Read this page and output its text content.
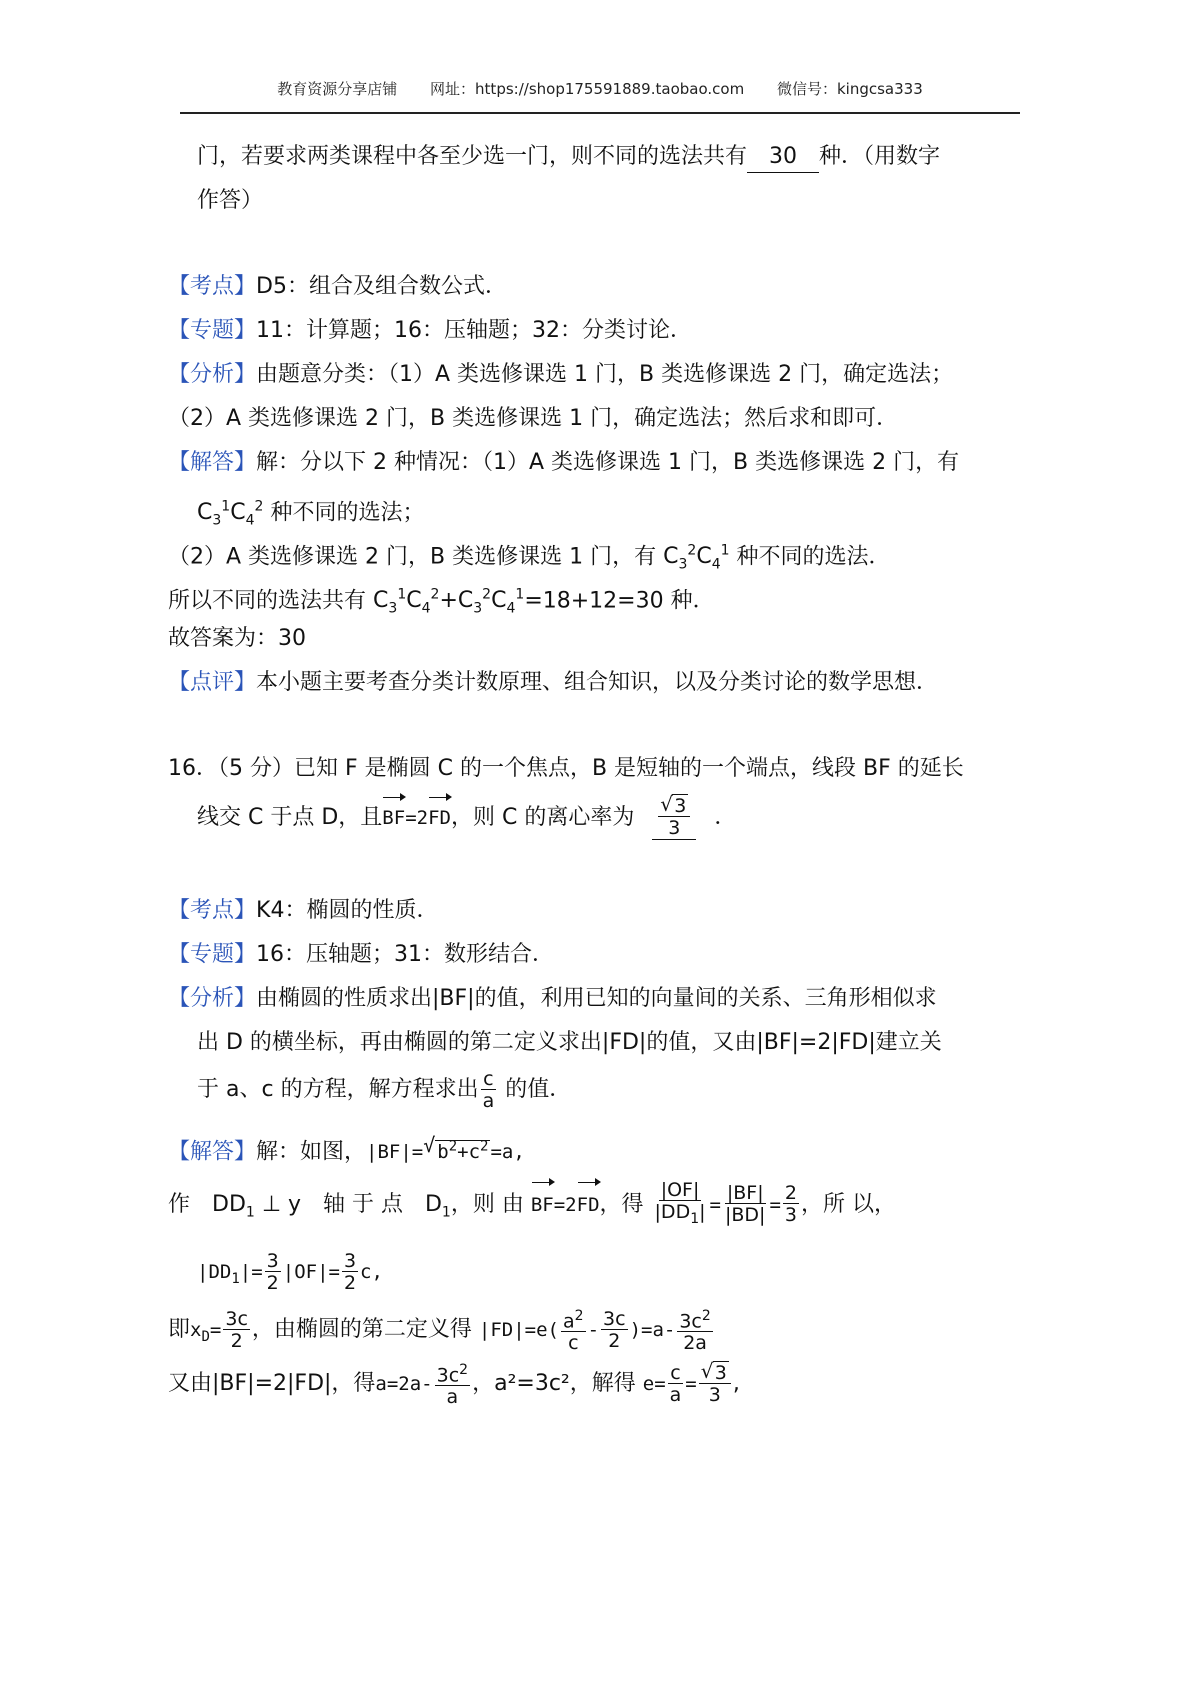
教育资源分享店铺 网址：https://shop175591889.taobao.com 微信号：kingcsa333
门，若要求两类课程中各至少选一门，则不同的选法共有 30 种．（用数字
作答）
【考点】D5：组合及组合数公式．
【专题】11：计算题；16：压轴题；32：分类讨论．
【分析】由题意分类：（1）A 类选修课选 1 门，B 类选修课选 2 门，确定选法；
（2）A 类选修课选 2 门，B 类选修课选 1 门，确定选法；然后求和即可．
【解答】解：分以下 2 种情况：（1）A 类选修课选 1 门，B 类选修课选 2 门，有
$C_3^1C_4^2$ 种不同的选法；
（2）A 类选修课选 2 门，B 类选修课选 1 门，有 $C_3^2C_4^1$ 种不同的选法．
所以不同的选法共有 $C_3^1C_4^2+C_3^2C_4^1=18+12=30$ 种．
故答案为：30
【点评】本小题主要考查分类计数原理、组合知识，以及分类讨论的数学思想．
16．（5 分）已知 F 是椭圆 C 的一个焦点，B 是短轴的一个端点，线段 BF 的延长
线交 C 于点 D，且BF=2FD，则 C 的离心率为 √ $\frac{3}{3}$ ．
【考点】K4：椭圆的性质．
【专题】16：压轴题；31：数形结合．
【分析】由椭圆的性质求出|BF|的值，利用已知的向量间的关系、三角形相似求
出 D 的横坐标，再由椭圆的第二定义求出|FD|的值，又由|BF|=2|FD|建立关
于 a、c 的方程，解方程求出 $\frac{c}{a}$ 的值．
【解答】解：如图，|BF|= √ $b^2+c^2 =a$,
作　$DD_1$ ⊥ y　轴 于 点　$D_1$，则 由 BF=2FD，得 $\frac{|OF|}{|DD_1|} = \frac{|BF|}{|BD|} = \frac{2}{3}$ ，所 以，
$|DD_1|= \frac{3}{2} |OF|= \frac{3}{2} c$,
即$x_D= \frac{3c}{2}$ ，由椭圆的第二定义得 $|FD|=e( \frac{a^2}{c} - \frac{3c}{2} )=a- \frac{3c^2}{2a}$
又由|BF|=2|FD|，得$a=2a- \frac{3c^2}{a}$ ，a²=3c²，解得 $e= \frac{c}{a}$ = √ $\frac{3}{3}$ ,
